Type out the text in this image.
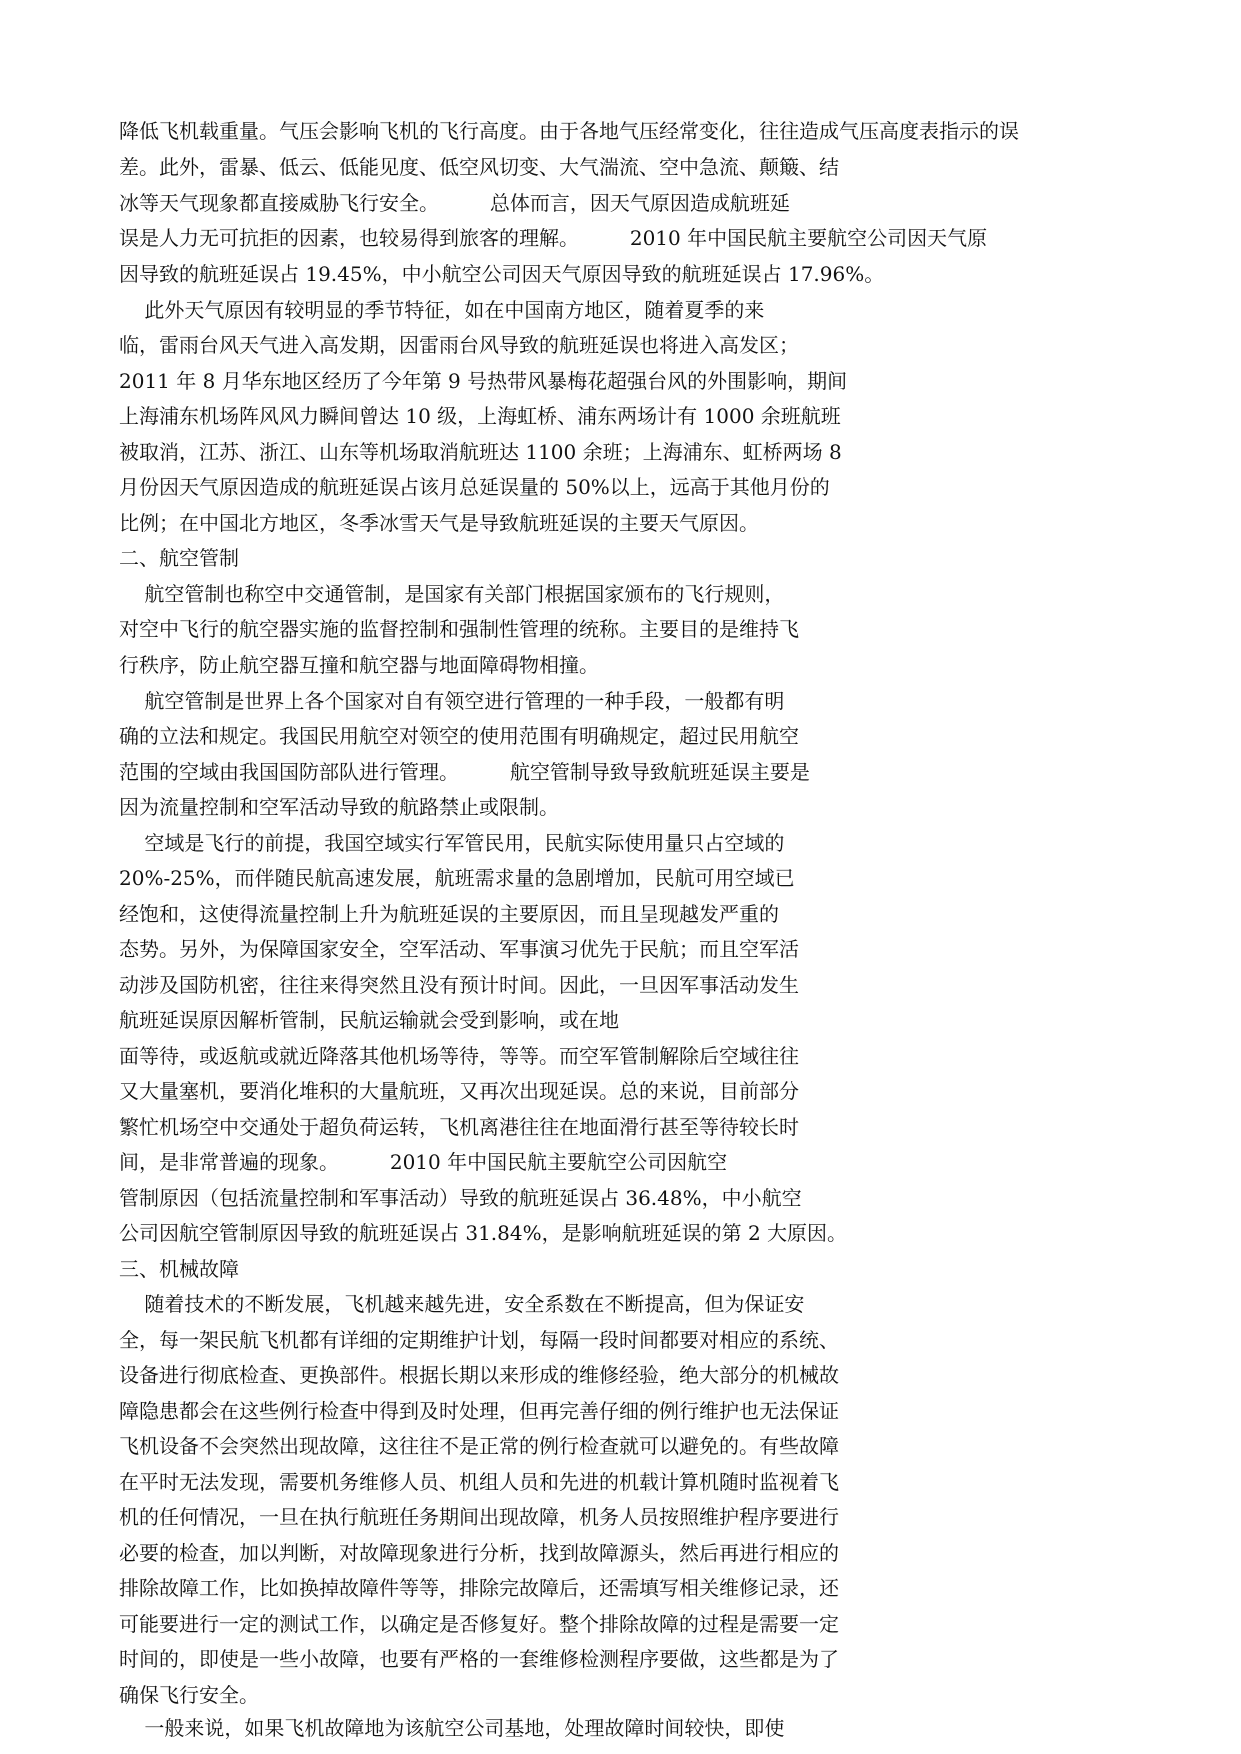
降低飞机载重量。气压会影响飞机的飞行高度。由于各地气压经常变化，往往造成气压高度表指示的误
差。此外，雷暴、低云、低能见度、低空风切变、大气湍流、空中急流、颠簸、结
冰等天气现象都直接威胁飞行安全。        总体而言，因天气原因造成航班延
误是人力无可抗拒的因素，也较易得到旅客的理解。        2010 年中国民航主要航空公司因天气原
因导致的航班延误占 19.45%，中小航空公司因天气原因导致的航班延误占 17.96%。
此外天气原因有较明显的季节特征，如在中国南方地区，随着夏季的来
临，雷雨台风天气进入高发期，因雷雨台风导致的航班延误也将进入高发区；
2011 年 8 月华东地区经历了今年第 9 号热带风暴梅花超强台风的外围影响，期间
上海浦东机场阵风风力瞬间曾达 10 级，上海虹桥、浦东两场计有 1000 余班航班
被取消，江苏、浙江、山东等机场取消航班达 1100 余班；上海浦东、虹桥两场 8
月份因天气原因造成的航班延误占该月总延误量的 50%以上，远高于其他月份的
比例；在中国北方地区，冬季冰雪天气是导致航班延误的主要天气原因。
二、航空管制
航空管制也称空中交通管制，是国家有关部门根据国家颁布的飞行规则，
对空中飞行的航空器实施的监督控制和强制性管理的统称。主要目的是维持飞
行秩序，防止航空器互撞和航空器与地面障碍物相撞。
航空管制是世界上各个国家对自有领空进行管理的一种手段，一般都有明
确的立法和规定。我国民用航空对领空的使用范围有明确规定，超过民用航空
范围的空域由我国国防部队进行管理。        航空管制导致导致航班延误主要是
因为流量控制和空军活动导致的航路禁止或限制。
空域是飞行的前提，我国空域实行军管民用，民航实际使用量只占空域的
20%-25%，而伴随民航高速发展，航班需求量的急剧增加，民航可用空域已
经饱和，这使得流量控制上升为航班延误的主要原因，而且呈现越发严重的
态势。另外，为保障国家安全，空军活动、军事演习优先于民航；而且空军活
动涉及国防机密，往往来得突然且没有预计时间。因此，一旦因军事活动发生
航班延误原因解析管制，民航运输就会受到影响，或在地
面等待，或返航或就近降落其他机场等待，等等。而空军管制解除后空域往往
又大量塞机，要消化堆积的大量航班，又再次出现延误。总的来说，目前部分
繁忙机场空中交通处于超负荷运转，飞机离港往往在地面滑行甚至等待较长时
间，是非常普遍的现象。        2010 年中国民航主要航空公司因航空
管制原因（包括流量控制和军事活动）导致的航班延误占 36.48%，中小航空
公司因航空管制原因导致的航班延误占 31.84%，是影响航班延误的第 2 大原因。
三、机械故障
随着技术的不断发展，飞机越来越先进，安全系数在不断提高，但为保证安
全，每一架民航飞机都有详细的定期维护计划，每隔一段时间都要对相应的系统、
设备进行彻底检查、更换部件。根据长期以来形成的维修经验，绝大部分的机械故
障隐患都会在这些例行检查中得到及时处理，但再完善仔细的例行维护也无法保证
飞机设备不会突然出现故障，这往往不是正常的例行检查就可以避免的。有些故障
在平时无法发现，需要机务维修人员、机组人员和先进的机载计算机随时监视着飞
机的任何情况，一旦在执行航班任务期间出现故障，机务人员按照维护程序要进行
必要的检查，加以判断，对故障现象进行分析，找到故障源头，然后再进行相应的
排除故障工作，比如换掉故障件等等，排除完故障后，还需填写相关维修记录，还
可能要进行一定的测试工作，以确定是否修复好。整个排除故障的过程是需要一定
时间的，即使是一些小故障，也要有严格的一套维修检测程序要做，这些都是为了
确保飞行安全。
一般来说，如果飞机故障地为该航空公司基地，处理故障时间较快，即使
